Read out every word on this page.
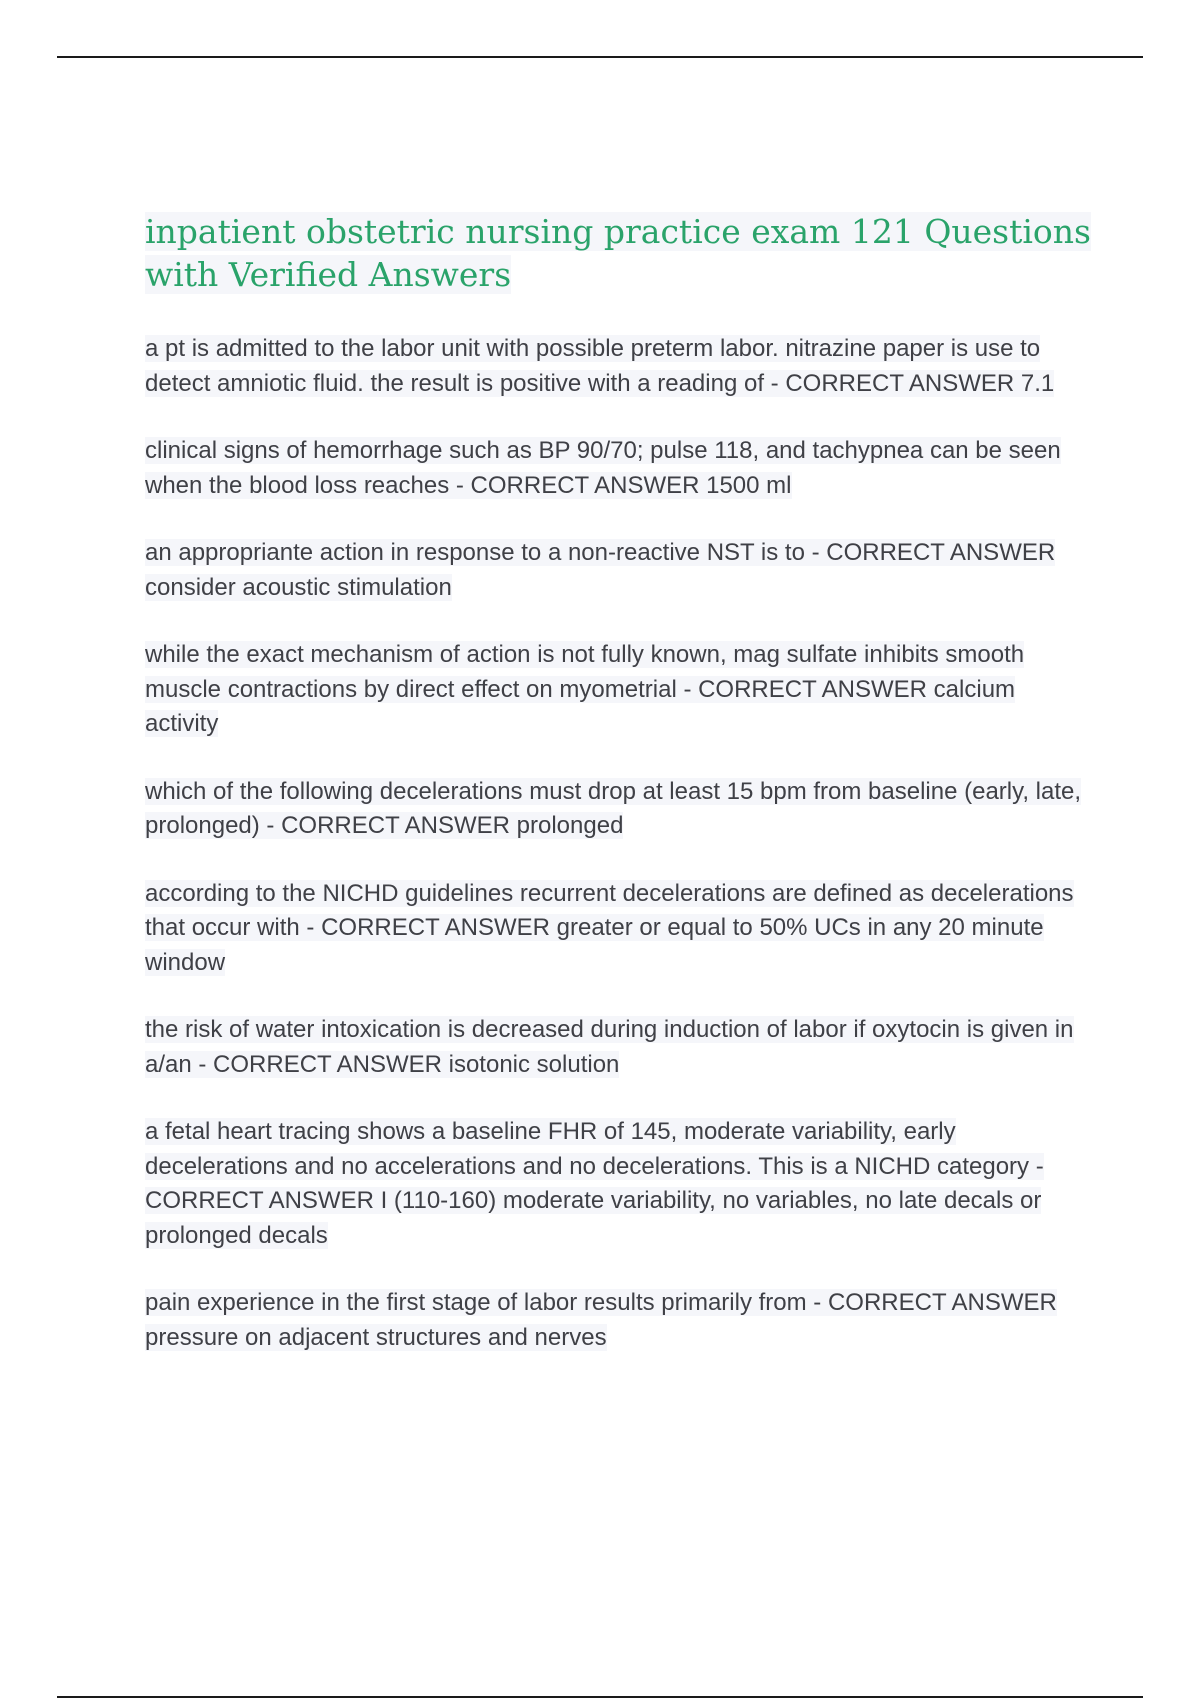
inpatient obstetric nursing practice exam 121 Questions with Verified Answers

a pt is admitted to the labor unit with possible preterm labor. nitrazine paper is use to detect amniotic fluid. the result is positive with a reading of - CORRECT ANSWER 7.1

clinical signs of hemorrhage such as BP 90/70; pulse 118, and tachypnea can be seen when the blood loss reaches - CORRECT ANSWER 1500 ml

an appropriante action in response to a non-reactive NST is to - CORRECT ANSWER consider acoustic stimulation

while the exact mechanism of action is not fully known, mag sulfate inhibits smooth muscle contractions by direct effect on myometrial - CORRECT ANSWER calcium activity

which of the following decelerations must drop at least 15 bpm from baseline (early, late, prolonged) - CORRECT ANSWER prolonged

according to the NICHD guidelines recurrent decelerations are defined as decelerations that occur with - CORRECT ANSWER greater or equal to 50% UCs in any 20 minute window

the risk of water intoxication is decreased during induction of labor if oxytocin is given in a/an - CORRECT ANSWER isotonic solution

a fetal heart tracing shows a baseline FHR of 145, moderate variability, early decelerations and no accelerations and no decelerations. This is a NICHD category - CORRECT ANSWER I (110-160) moderate variability, no variables, no late decals or prolonged decals

pain experience in the first stage of labor results primarily from - CORRECT ANSWER pressure on adjacent structures and nerves
